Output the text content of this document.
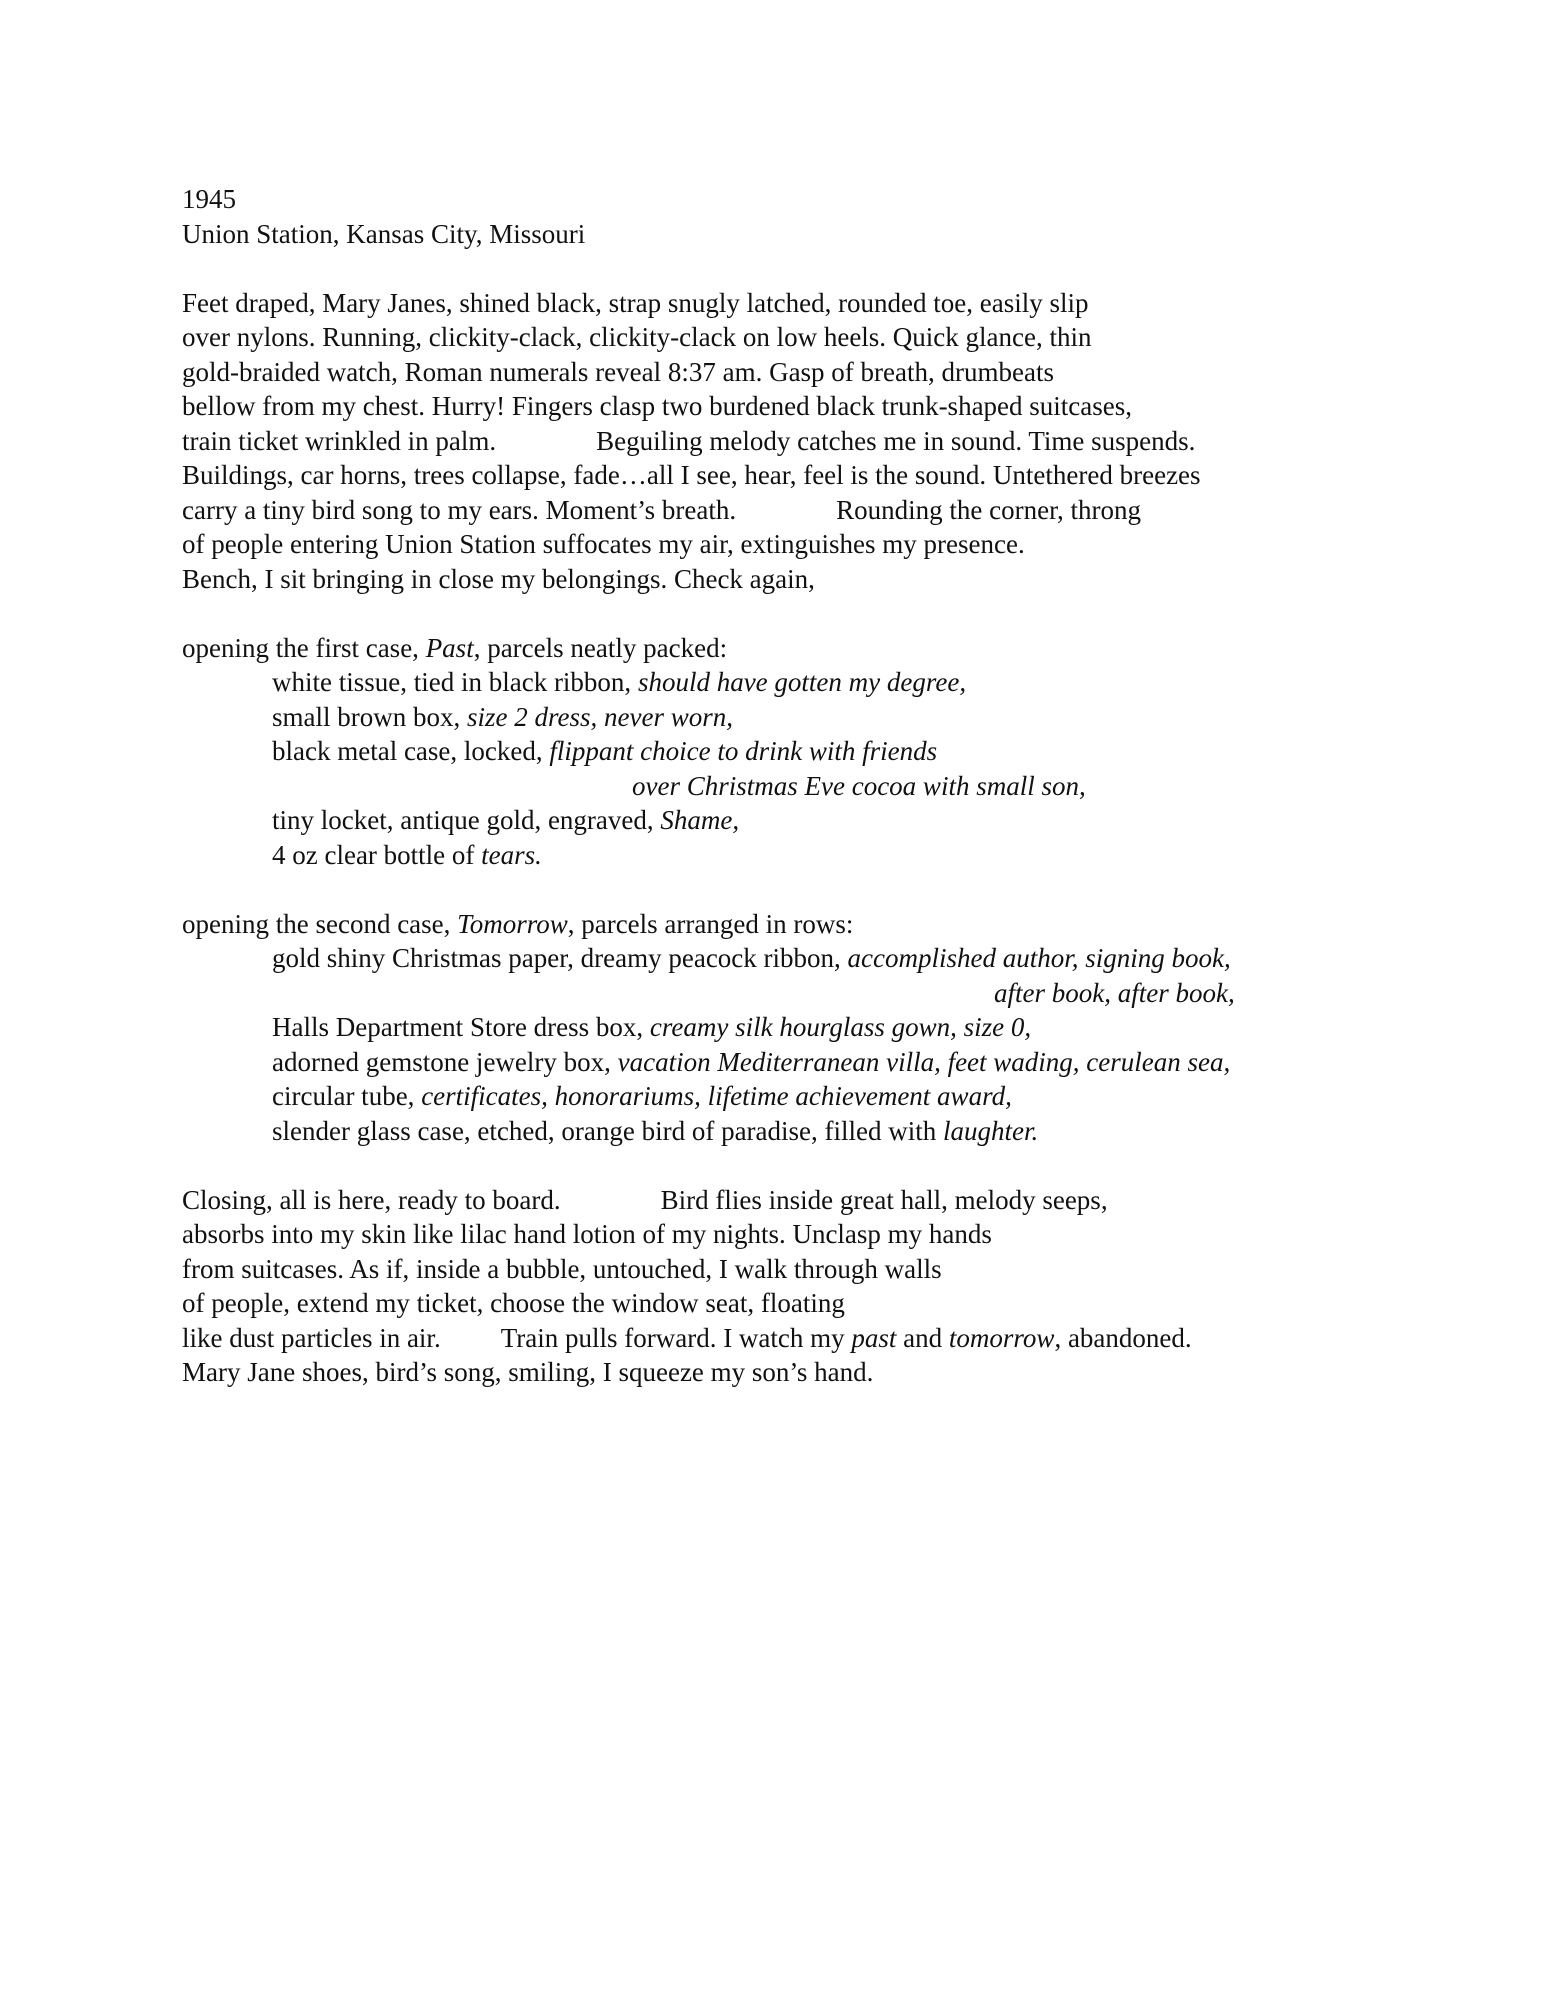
1945
Union Station, Kansas City, Missouri
Feet draped, Mary Janes, shined black, strap snugly latched, rounded toe, easily slip
over nylons. Running, clickity-clack, clickity-clack on low heels. Quick glance, thin
gold-braided watch, Roman numerals reveal 8:37 am. Gasp of breath, drumbeats
bellow from my chest. Hurry! Fingers clasp two burdened black trunk-shaped suitcases,
train ticket wrinkled in palm.	Beguiling melody catches me in sound. Time suspends.
Buildings, car horns, trees collapse, fade…all I see, hear, feel is the sound. Untethered breezes
carry a tiny bird song to my ears. Moment’s breath.	Rounding the corner, throng
of people entering Union Station suffocates my air, extinguishes my presence.
Bench, I sit bringing in close my belongings. Check again,
opening the first case, Past, parcels neatly packed:
white tissue, tied in black ribbon, should have gotten my degree,
small brown box, size 2 dress, never worn,
black metal case, locked, flippant choice to drink with friends
over Christmas Eve cocoa with small son,
tiny locket, antique gold, engraved, Shame,
4 oz clear bottle of tears.
opening the second case, Tomorrow, parcels arranged in rows:
gold shiny Christmas paper, dreamy peacock ribbon, accomplished author, signing book,
after book, after book,
Halls Department Store dress box, creamy silk hourglass gown, size 0,
adorned gemstone jewelry box, vacation Mediterranean villa, feet wading, cerulean sea,
circular tube, certificates, honorariums, lifetime achievement award,
slender glass case, etched, orange bird of paradise, filled with laughter.
Closing, all is here, ready to board.	Bird flies inside great hall, melody seeps,
absorbs into my skin like lilac hand lotion of my nights. Unclasp my hands
from suitcases. As if, inside a bubble, untouched, I walk through walls
of people, extend my ticket, choose the window seat, floating
like dust particles in air. Train pulls forward. I watch my past and tomorrow, abandoned.
Mary Jane shoes, bird’s song, smiling, I squeeze my son’s hand.
